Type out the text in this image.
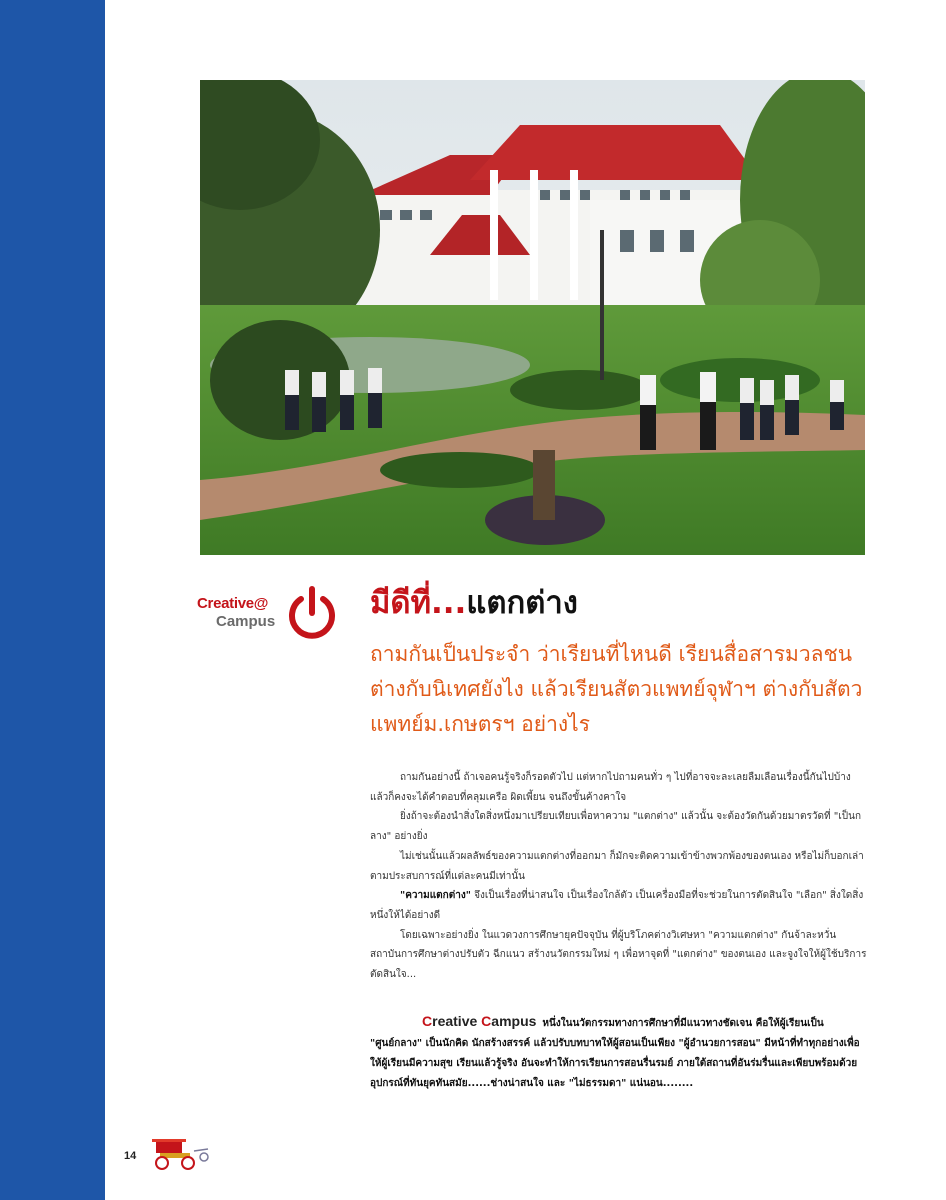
Creative@
Campus
มีดีที่...แตกต่าง
ถามกันเป็นประจำ ว่าเรียนที่ไหนดี เรียนสื่อสารมวลชน
ต่างกับนิเทศยังไง แล้วเรียนสัตวแพทย์จุฬาฯ ต่างกับสัตว
แพทย์ม.เกษตรฯ อย่างไร

ถามกันอย่างนี้ ถ้าเจอคนรู้จริงก็รอดตัวไป แต่หากไปถามคนทั่ว ๆ ไปที่อาจจะละเลยลืมเลือนเรื่องนี้กันไปบ้างแล้วก็คงจะได้คำตอบที่คลุมเครือ ผิดเพี้ยน จนถึงขั้นค้างคาใจ

ยิ่งถ้าจะต้องนำสิ่งใดสิ่งหนึ่งมาเปรียบเทียบเพื่อหาความ "แตกต่าง" แล้วนั้น จะต้องวัดกันด้วยมาตรวัดที่ "เป็นกลาง" อย่างยิ่ง

ไม่เช่นนั้นแล้วผลลัพธ์ของความแตกต่างที่ออกมา ก็มักจะติดความเข้าข้างพวกพ้องของตนเอง หรือไม่ก็บอกเล่าตามประสบการณ์ที่แต่ละคนมีเท่านั้น

"ความแตกต่าง" จึงเป็นเรื่องที่น่าสนใจ เป็นเรื่องใกล้ตัว เป็นเครื่องมือที่จะช่วยในการตัดสินใจ "เลือก" สิ่งใดสิ่งหนึ่งให้ได้อย่างดี

โดยเฉพาะอย่างยิ่ง ในแวดวงการศึกษายุคปัจจุบัน ที่ผู้บริโภคต่างวิเศษหา "ความแตกต่าง" กันจ้าละหวั่น สถาบันการศึกษาต่างปรับตัว ฉีกแนว สร้างนวัตกรรมใหม่ ๆ เพื่อหาจุดที่ "แตกต่าง" ของตนเอง และจูงใจให้ผู้ใช้บริการตัดสินใจ...

Creative Campus หนึ่งในนวัตกรรมทางการศึกษาที่มีแนวทางชัดเจน คือให้ผู้เรียนเป็น "ศูนย์กลาง" เป็นนักคิด นักสร้างสรรค์ แล้วปรับบทบาทให้ผู้สอนเป็นเพียง "ผู้อำนวยการสอน" มีหน้าที่ทำทุกอย่างเพื่อให้ผู้เรียนมีความสุข เรียนแล้วรู้จริง อันจะทำให้การเรียนการสอนรื่นรมย์ ภายใต้สถานที่อันร่มรื่นและเพียบพร้อมด้วยอุปกรณ์ที่ทันยุคทันสมัย......ช่างน่าสนใจ และ "ไม่ธรรมดา" แน่นอน........

14
